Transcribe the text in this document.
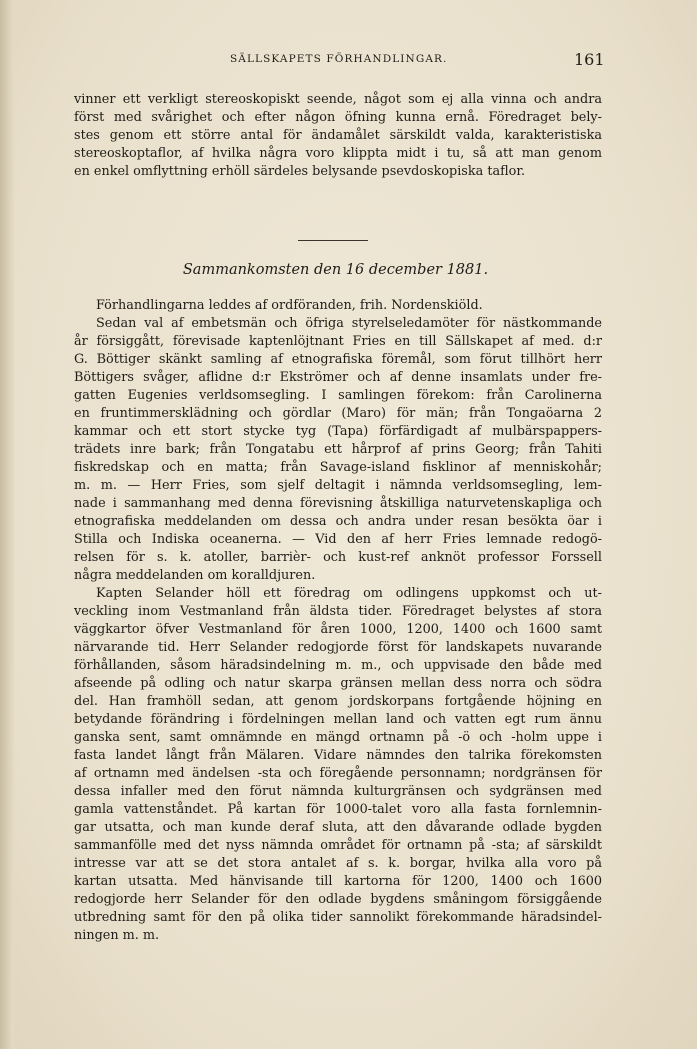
SÄLLSKAPETS FÖRHANDLINGAR.	161
vinner ett verkligt stereoskopiskt seende, något som ej alla vinna och andra
först med svårighet och efter någon öfning kunna ernå. Föredraget bely-
stes genom ett större antal för ändamålet särskildt valda, karakteristiska
stereoskoptaflor, af hvilka några voro klippta midt i tu, så att man genom
en enkel omflyttning erhöll särdeles belysande psevdoskopiska taflor.
Sammankomsten den 16 december 1881.
Förhandlingarna leddes af ordföranden, frih. Nordenskiöld.
Sedan val af embetsmän och öfriga styrelseledamöter för nästkommande
år försiggått, förevisade kaptenlöjtnant Fries en till Sällskapet af med. d:r
G. Böttiger skänkt samling af etnografiska föremål, som förut tillhört herr
Böttigers svåger, aflidne d:r Ekströmer och af denne insamlats under fre-
gatten Eugenies verldsomsegling. I samlingen förekom: från Carolinerna
en fruntimmersklädning och gördlar (Maro) för män; från Tongaöarna 2
kammar och ett stort stycke tyg (Tapa) förfärdigadt af mulbärspappers-
trädets inre bark; från Tongatabu ett hårprof af prins Georg; från Tahiti
fiskredskap och en matta; från Savage-island fisklinor af menniskohår;
m. m. — Herr Fries, som sjelf deltagit i nämnda verldsomsegling, lem-
nade i sammanhang med denna förevisning åtskilliga naturvetenskapliga och
etnografiska meddelanden om dessa och andra under resan besökta öar i
Stilla och Indiska oceanerna. — Vid den af herr Fries lemnade redogö-
relsen för s. k. atoller, barrièr- och kust-ref anknöt professor Forssell
några meddelanden om koralldjuren.
Kapten Selander höll ett föredrag om odlingens uppkomst och ut-
veckling inom Vestmanland från äldsta tider. Föredraget belystes af stora
väggkartor öfver Vestmanland för åren 1000, 1200, 1400 och 1600 samt
närvarande tid. Herr Selander redogjorde först för landskapets nuvarande
förhållanden, såsom häradsindelning m. m., och uppvisade den både med
afseende på odling och natur skarpa gränsen mellan dess norra och södra
del. Han framhöll sedan, att genom jordskorpans fortgående höjning en
betydande förändring i fördelningen mellan land och vatten egt rum ännu
ganska sent, samt omnämnde en mängd ortnamn på -ö och -holm uppe i
fasta landet långt från Mälaren. Vidare nämndes den talrika förekomsten
af ortnamn med ändelsen -sta och föregående personnamn; nordgränsen för
dessa infaller med den förut nämnda kulturgränsen och sydgränsen med
gamla vattenståndet. På kartan för 1000-talet voro alla fasta fornlemnin-
gar utsatta, och man kunde deraf sluta, att den dåvarande odlade bygden
sammanfölle med det nyss nämnda området för ortnamn på -sta; af särskildt
intresse var att se det stora antalet af s. k. borgar, hvilka alla voro på
kartan utsatta. Med hänvisande till kartorna för 1200, 1400 och 1600
redogjorde herr Selander för den odlade bygdens småningom försiggående
utbredning samt för den på olika tider sannolikt förekommande häradsindel-
ningen m. m.
